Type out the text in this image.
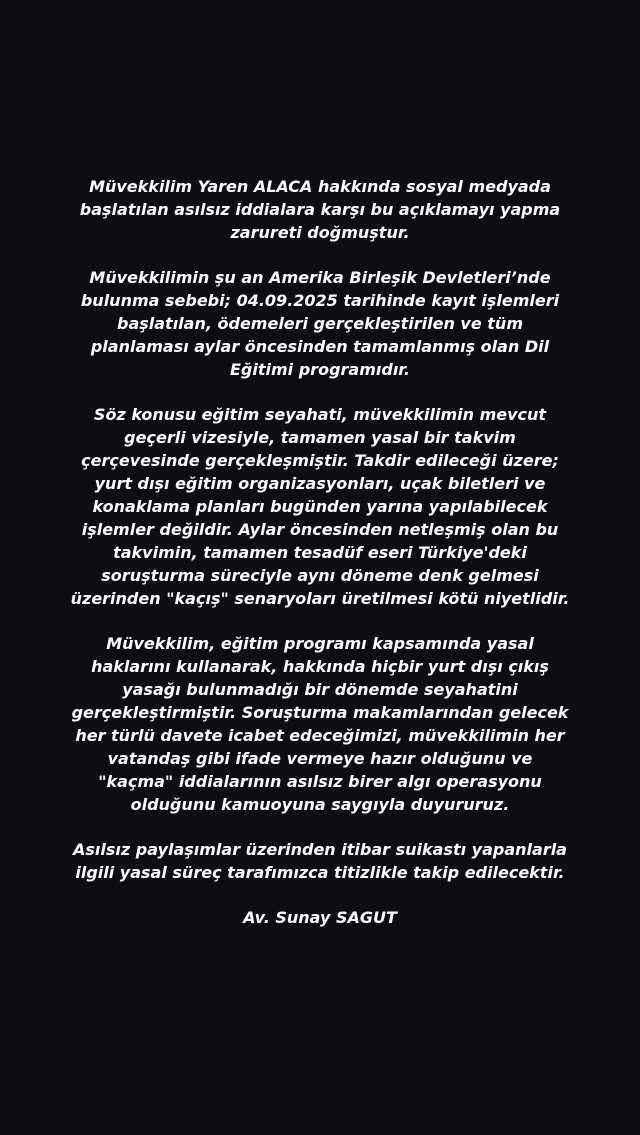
Müvekkilim Yaren ALACA hakkında sosyal medyada
başlatılan asılsız iddialara karşı bu açıklamayı yapma
zarureti doğmuştur.

Müvekkilimin şu an Amerika Birleşik Devletleri’nde
bulunma sebebi; 04.09.2025 tarihinde kayıt işlemleri
başlatılan, ödemeleri gerçekleştirilen ve tüm
planlaması aylar öncesinden tamamlanmış olan Dil
Eğitimi programıdır.

Söz konusu eğitim seyahati, müvekkilimin mevcut
geçerli vizesiyle, tamamen yasal bir takvim
çerçevesinde gerçekleşmiştir. Takdir edileceği üzere;
yurt dışı eğitim organizasyonları, uçak biletleri ve
konaklama planları bugünden yarına yapılabilecek
işlemler değildir. Aylar öncesinden netleşmiş olan bu
takvimin, tamamen tesadüf eseri Türkiye'deki
soruşturma süreciyle aynı döneme denk gelmesi
üzerinden "kaçış" senaryoları üretilmesi kötü niyetlidir.

Müvekkilim, eğitim programı kapsamında yasal
haklarını kullanarak, hakkında hiçbir yurt dışı çıkış
yasağı bulunmadığı bir dönemde seyahatini
gerçekleştirmiştir. Soruşturma makamlarından gelecek
her türlü davete icabet edeceğimizi, müvekkilimin her
vatandaş gibi ifade vermeye hazır olduğunu ve
"kaçma" iddialarının asılsız birer algı operasyonu
olduğunu kamuoyuna saygıyla duyururuz.

Asılsız paylaşımlar üzerinden itibar suikastı yapanlarla
ilgili yasal süreç tarafımızca titizlikle takip edilecektir.

Av. Sunay SAGUT
